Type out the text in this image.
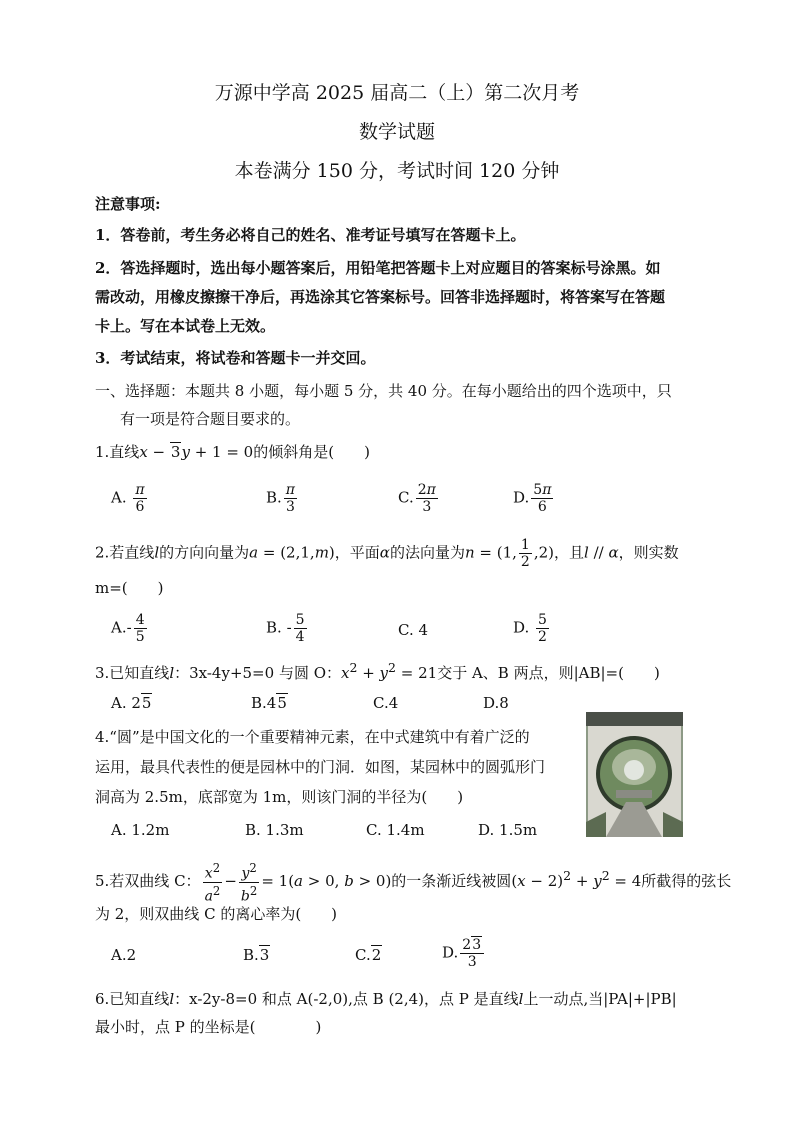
万源中学高 2025 届高二（上）第二次月考
数学试题
本卷满分 150 分，考试时间 120 分钟
注意事项:
1．答卷前，考生务必将自己的姓名、准考证号填写在答题卡上。
2．答选择题时，选出每小题答案后，用铅笔把答题卡上对应题目的答案标号涂黑。如
需改动，用橡皮擦擦干净后，再选涂其它答案标号。回答非选择题时，将答案写在答题
卡上。写在本试卷上无效。
3．考试结束，将试卷和答题卡一并交回。
一、选择题：本题共 8 小题，每小题 5 分，共 40 分。在每小题给出的四个选项中，只
有一项是符合题目要求的。
1.直线x − 3y + 1 = 0的倾斜角是(　　)
A. $\frac{\pi}{6}$	B. $\frac{\pi}{3}$	C. $\frac{2\pi}{3}$	D. $\frac{5\pi}{6}$
2.若直线l的方向向量为a = (2,1,m)，平面α的法向量为n = (1, $\frac{1}{2} ,2$)，且l // α，则实数
m=(　　)
$A.- \frac{4}{5}$	B. - $\frac{5}{4}$	C. 4	D. $\frac{5}{2}$
3.已知直线l：3x-4y+5=0 与圆 O：$x^2 + y^2 = 21$交于 A、B 两点，则|AB|=(　　)
A. 25	B.45	C.4	D.8
4.“圆”是中国文化的一个重要精神元素，在中式建筑中有着广泛的
运用，最具代表性的便是园林中的门洞．如图，某园林中的圆弧形门
洞高为 2.5m，底部宽为 1m，则该门洞的半径为(　　)
A. 1.2m	B. 1.3m	C. 1.4m	D. 1.5m
5.若双曲线 C： $\frac{x^2}{a^2} - \frac{y^2}{b^2} = 1(a > 0$, b > 0)的一条渐近线被圆$(x - 2)^2 + y^2 = 4$所截得的弦长
为 2，则双曲线 C 的离心率为(　　)
A.2	B.3	C.2	D. $\frac{23}{3}$
6.已知直线l：x-2y-8=0 和点 A(-2,0),点 B (2,4)，点 P 是直线l上一动点,当|PA|+|PB|
最小时，点 P 的坐标是(　　　　)
